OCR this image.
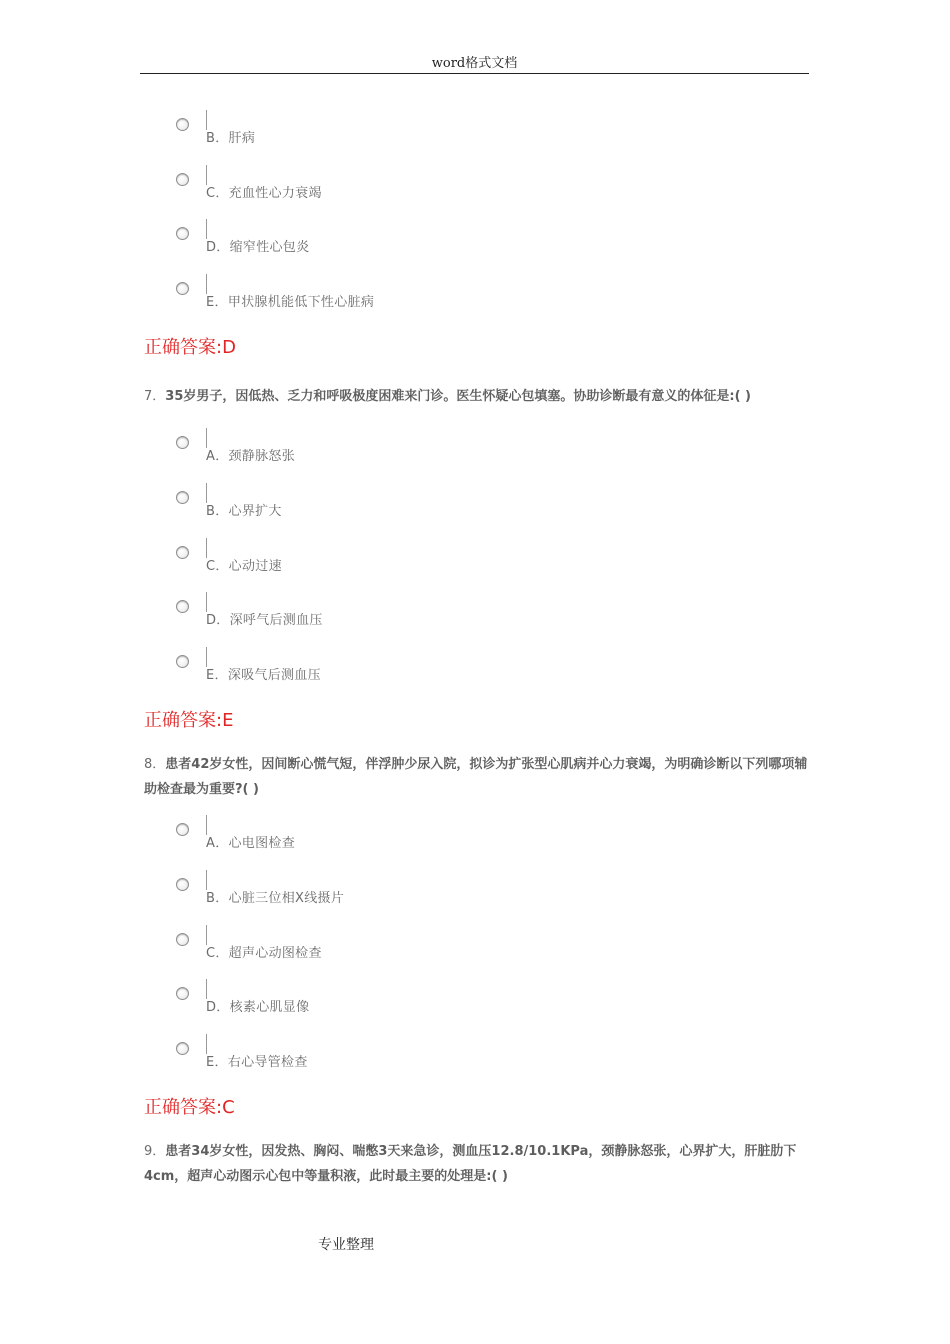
word格式文档
B．肝病
C．充血性心力衰竭
D．缩窄性心包炎
E．甲状腺机能低下性心脏病
正确答案:D
7．35岁男子，因低热、乏力和呼吸极度困难来门诊。医生怀疑心包填塞。协助诊断最有意义的体征是:( )
A．颈静脉怒张
B．心界扩大
C．心动过速
D．深呼气后测血压
E．深吸气后测血压
正确答案:E
8．患者42岁女性，因间断心慌气短，伴浮肿少尿入院，拟诊为扩张型心肌病并心力衰竭，为明确诊断以下列哪项辅助检查最为重要?( )
A．心电图检查
B．心脏三位相X线摄片
C．超声心动图检查
D．核素心肌显像
E．右心导管检查
正确答案:C
9．患者34岁女性，因发热、胸闷、喘憋3天来急诊，测血压12.8/10.1KPa，颈静脉怒张，心界扩大，肝脏肋下4cm，超声心动图示心包中等量积液，此时最主要的处理是:( )
专业整理
